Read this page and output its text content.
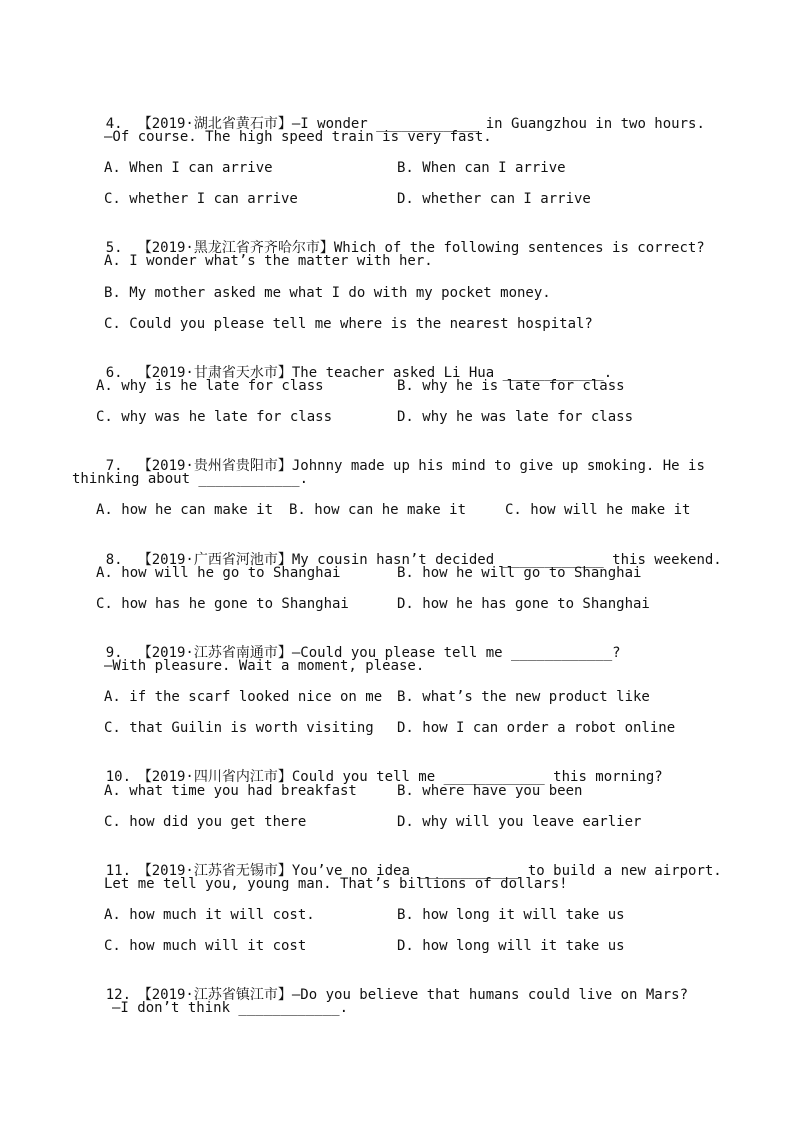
4. 【2019·湖北省黄石市】—I wonder ____________ in Guangzhou in two hours.

—Of course. The high speed train is very fast.
A. When I can arrive	B. When can I arrive
C. whether I can arrive	D. whether can I arrive

5. 【2019·黑龙江省齐齐哈尔市】Which of the following sentences is correct?

A. I wonder what’s the matter with her.
B. My mother asked me what I do with my pocket money.
C. Could you please tell me where is the nearest hospital?

6. 【2019·甘肃省天水市】The teacher asked Li Hua ____________.

A. why is he late for class	B. why he is late for class
C. why was he late for class	D. why he was late for class

7. 【2019·贵州省贵阳市】Johnny made up his mind to give up smoking. He is

thinking about ____________.
A. how he can make it B. how can he make it	C. how will he make it

8. 【2019·广西省河池市】My cousin hasn’t decided ____________ this weekend.

A. how will he go to Shanghai	B. how he will go to Shanghai
C. how has he gone to Shanghai	D. how he has gone to Shanghai

9. 【2019·江苏省南通市】—Could you please tell me ____________?

—With pleasure. Wait a moment, please.
A. if the scarf looked nice on me B. what’s the new product like
C. that Guilin is worth visiting D. how I can order a robot online

10. 【2019·四川省内江市】Could you tell me ____________ this morning?

A. what time you had breakfast	B. where have you been
C. how did you get there	D. why will you leave earlier

11. 【2019·江苏省无锡市】You’ve no idea ____________ to build a new airport.

Let me tell you, young man. That’s billions of dollars!
A. how much it will cost.	B. how long it will take us
C. how much will it cost	D. how long will it take us

12. 【2019·江苏省镇江市】—Do you believe that humans could live on Mars?

—I don’t think ____________.
